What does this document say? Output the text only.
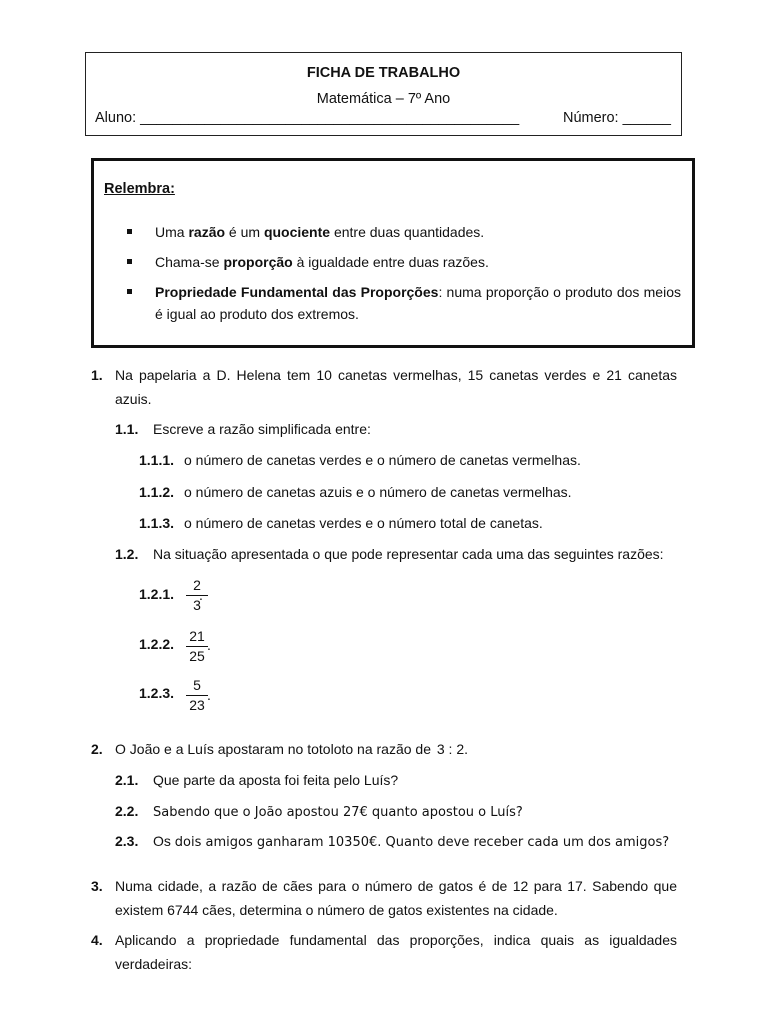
FICHA DE TRABALHO
Matemática – 7º Ano
Aluno: _______________________________________________	Número: ______
Relembra:
Uma razão é um quociente entre duas quantidades.
Chama-se proporção à igualdade entre duas razões.
Propriedade Fundamental das Proporções: numa proporção o produto dos meios é igual ao produto dos extremos.
1. Na papelaria a D. Helena tem 10 canetas vermelhas, 15 canetas verdes e 21 canetas azuis.
1.1. Escreve a razão simplificada entre:
1.1.1. o número de canetas verdes e o número de canetas vermelhas.
1.1.2. o número de canetas azuis e o número de canetas vermelhas.
1.1.3. o número de canetas verdes e o número total de canetas.
1.2. Na situação apresentada o que pode representar cada uma das seguintes razões:
1.2.1.
2
3
.
1.2.2.	21
25
.
1.2.3.	5
23
.
2. O João e a Luís apostaram no totoloto na razão de 3 : 2.
2.1. Que parte da aposta foi feita pelo Luís?
2.2. Sabendo que o João apostou 27€ quanto apostou o Luís?
2.3. Os dois amigos ganharam 10350€. Quanto deve receber cada um dos amigos?
3. Numa cidade, a razão de cães para o número de gatos é de 12 para 17. Sabendo que existem 6744 cães, determina o número de gatos existentes na cidade.
4. Aplicando a propriedade fundamental das proporções, indica quais as igualdades verdadeiras:
